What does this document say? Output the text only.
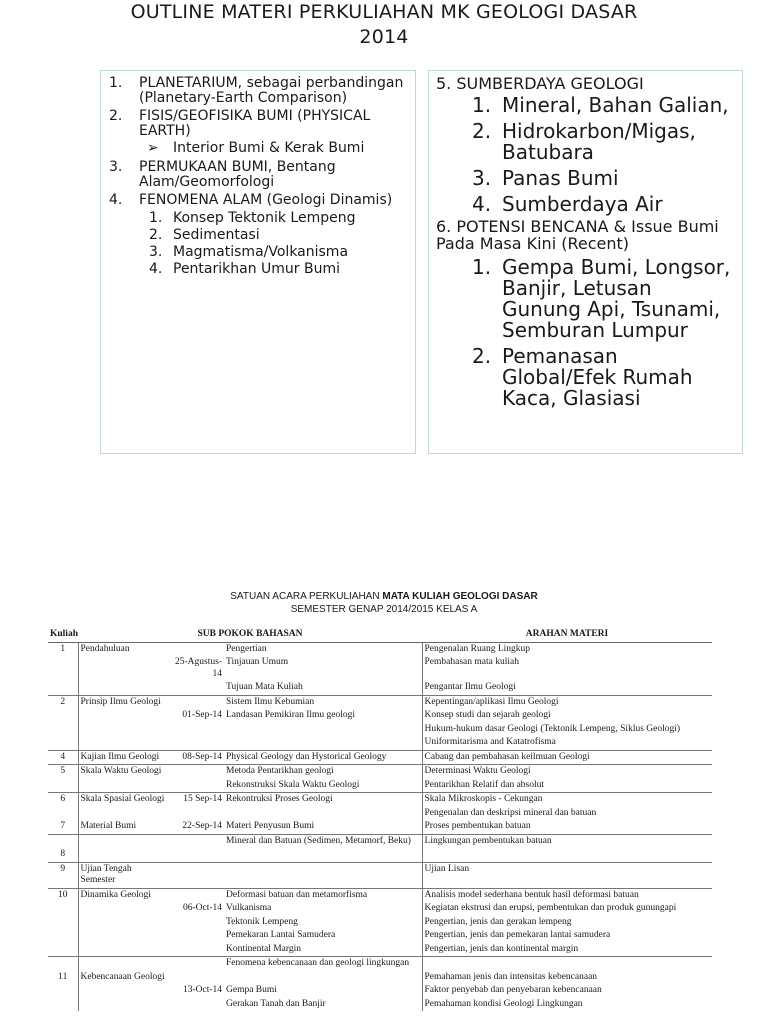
OUTLINE MATERI PERKULIAHAN MK GEOLOGI DASAR
2014
1.	PLANETARIUM, sebagai perbandingan (Planetary-Earth Comparison)
2.	FISIS/GEOFISIKA BUMI (PHYSICAL EARTH)
➢	Interior Bumi & Kerak Bumi
3.	PERMUKAAN BUMI, Bentang Alam/Geomorfologi
4.	FENOMENA ALAM (Geologi Dinamis)
1. Konsep Tektonik Lempeng
2. Sedimentasi
3. Magmatisma/Volkanisma
4. Pentarikhan Umur Bumi
5. SUMBERDAYA GEOLOGI
1. Mineral, Bahan Galian,
2. Hidrokarbon/Migas, Batubara
3. Panas Bumi
4. Sumberdaya Air
6. POTENSI BENCANA & Issue Bumi Pada Masa Kini (Recent)
1. Gempa Bumi, Longsor, Banjir, Letusan Gunung Api, Tsunami, Semburan Lumpur
2. Pemanasan Global/Efek Rumah Kaca, Glasiasi
SATUAN ACARA PERKULIAHAN MATA KULIAH GEOLOGI DASAR
SEMESTER GENAP 2014/2015 KELAS A
Kuliah	SUB POKOK BAHASAN			ARAHAN MATERI
1	Pendahuluan		Pengertian	Pengenalan Ruang Lingkup
		25-Agustus-14	Tinjauan Umum	Pembahasan mata kuliah
			Tujuan Mata Kuliah	Pengantar Ilmu Geologi
2	Prinsip Ilmu Geologi		Sistem Ilmu Kebumian	Kepentingan/aplikasi Ilmu Geologi
		01-Sep-14	Landasan Pemikiran Ilmu geologi	Konsep studi dan sejarah geologi
				Hukum-hukum dasar Geologi (Tektonik Lempeng, Siklus Geologi)
				Uniformitarisma and Katatrofisma
4	Kajian Ilmu Geologi	08-Sep-14	Physical Geology dan Hystorical Geology	Cabang dan pembahasan keilmuan Geologi
5	Skala Waktu Geologi		Metoda Pentarikhan geologi	Determinasi Waktu Geologi
			Rekonstruksi Skala Waktu Geologi	Pentarikhan Relatif dan absolut
6	Skala Spasial Geologi	15 Sep-14	Rekontruksi Proses Geologi	Skala Mikroskopis - Cekungan
				Pengenalan dan deskripsi mineral dan batuan
7	Material Bumi	22-Sep-14	Materi Penyusun Bumi	Proses pembentukan batuan
			Mineral dan Batuan (Sedimen, Metamorf, Beku)	Lingkungan pembentukan batuan
8				
9	Ujian Tengah Semester			Ujian Lisan
10	Dinamika Geologi		Deformasi batuan dan metamorfisma	Analisis model sederhana bentuk hasil deformasi batuan
		06-Oct-14	Vulkanisma	Kegiatan ekstrusi dan erupsi, pembentukan dan produk gunungapi
			Tektonik Lempeng	Pengertian, jenis dan gerakan lempeng
			Pemekaran Lantai Samudera	Pengertian, jenis dan pemekaran lantai samudera
			Kontinental Margin	Pengertian, jenis dan kontinental margin
			Fenomena kebencanaan dan geologi lingkungan	
11	Kebencanaan Geologi			Pemahaman jenis dan intensitas kebencanaan
		13-Oct-14	Gempa Bumi	Faktor penyebab dan penyebaran kebencanaan
			Gerakan Tanah dan Banjir	Pemahaman kondisi Geologi Lingkungan
